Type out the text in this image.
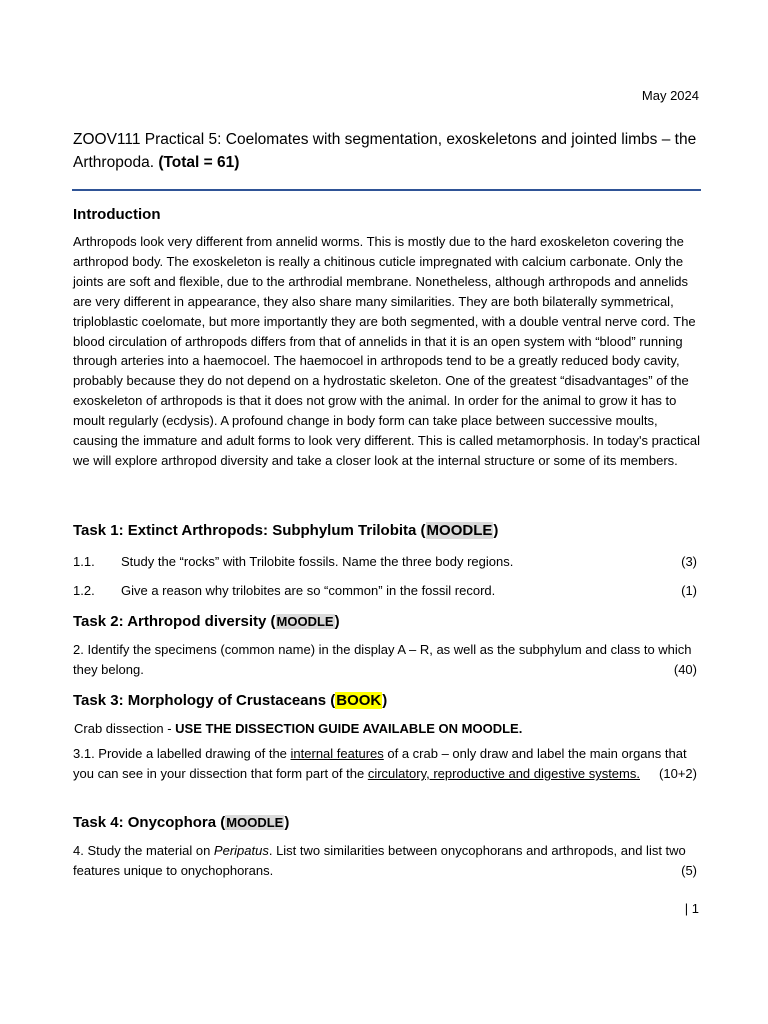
May 2024
ZOOV111 Practical 5: Coelomates with segmentation, exoskeletons and jointed limbs – the Arthropoda. (Total = 61)
Introduction
Arthropods look very different from annelid worms. This is mostly due to the hard exoskeleton covering the arthropod body. The exoskeleton is really a chitinous cuticle impregnated with calcium carbonate. Only the joints are soft and flexible, due to the arthrodial membrane. Nonetheless, although arthropods and annelids are very different in appearance, they also share many similarities. They are both bilaterally symmetrical, triploblastic coelomate, but more importantly they are both segmented, with a double ventral nerve cord. The blood circulation of arthropods differs from that of annelids in that it is an open system with “blood” running through arteries into a haemocoel. The haemocoel in arthropods tend to be a greatly reduced body cavity, probably because they do not depend on a hydrostatic skeleton. One of the greatest “disadvantages” of the exoskeleton of arthropods is that it does not grow with the animal. In order for the animal to grow it has to moult regularly (ecdysis). A profound change in body form can take place between successive moults, causing the immature and adult forms to look very different. This is called metamorphosis. In today's practical we will explore arthropod diversity and take a closer look at the internal structure or some of its members.
Task 1: Extinct Arthropods: Subphylum Trilobita (MOODLE)
1.1. Study the “rocks” with Trilobite fossils. Name the three body regions.	(3)
1.2. Give a reason why trilobites are so “common” in the fossil record.	(1)
Task 2: Arthropod diversity (MOODLE)
2. Identify the specimens (common name) in the display A – R, as well as the subphylum and class to which they belong.	(40)
Task 3: Morphology of Crustaceans (BOOK)
Crab dissection - USE THE DISSECTION GUIDE AVAILABLE ON MOODLE.
3.1. Provide a labelled drawing of the internal features of a crab – only draw and label the main organs that you can see in your dissection that form part of the circulatory, reproductive and digestive systems. (10+2)
Task 4: Onycophora (MOODLE)
4. Study the material on Peripatus. List two similarities between onycophorans and arthropods, and list two features unique to onychophorans.	(5)
| 1
